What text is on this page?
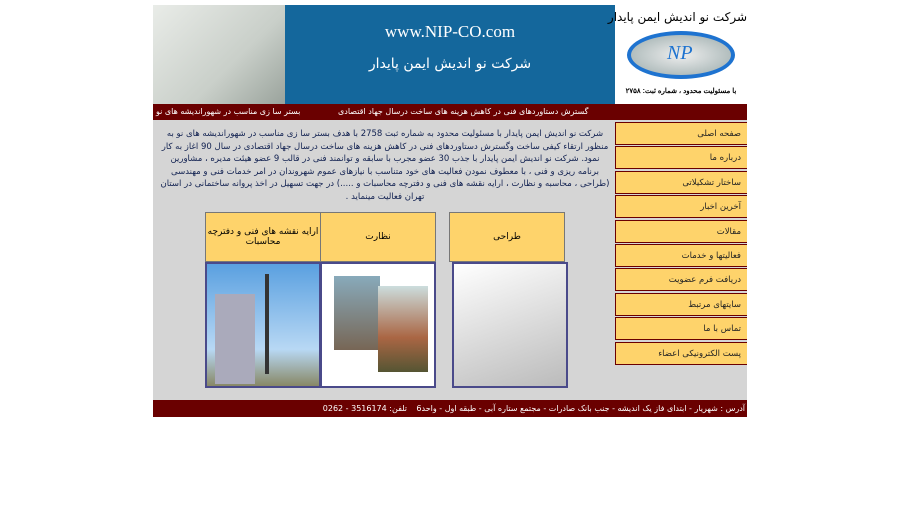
www.NIP-CO.com
شرکت نو اندیش ایمن پایدار
شرکت نو اندیش ایمن پایدار
NP
با مسئولیت محدود ، شماره ثبت: ۲۷۵۸
بستر سا زی مناسب در شهوراندیشه های نو	گسترش دستاوردهای فنی در کاهش هزینه های ساخت درسال جهاد اقتصادی
شرکت نو اندیش ایمن پایدار با مسئولیت محدود به شماره ثبت 2758 با هدف بستر سا زی مناسب در شهوراندیشه های نو به منظور ارتقاء کیفی ساخت وگسترش دستاوردهای فنی در کاهش هزینه های ساخت درسال جهاد اقتصادی در سال 90 اغاز به کار نمود. شرکت نو اندیش ایمن پایدار با جذب 30 عضو مجرب با سابقه و توانمند فنی در قالب 9 عضو هیئت مدیره ، مشاورین برنامه ریزی و فنی ، با معطوف نمودن فعالیت های خود متناسب با نیازهای عموم شهروندان در امر خدمات فنی و مهندسی (طراحی ، محاسبه و نظارت ، ارایه نقشه های فنی و دفترچه محاسبات و .....) در جهت تسهیل در اخذ پروانه ساختمانی در استان تهران فعالیت مینماید .
صفحه اصلی
درباره ما
ساختار تشکیلاتی
آخرین اخبار
مقالات
فعالیتها و خدمات
دریافت فرم عضویت
سایتهای مرتبط
تماس با ما
پست الکترونیکی اعضاء
طراحی
نظارت
ارایه نقشه های فنی و دفترچه محاسبات
آدرس : شهریار - ابتدای فاز یک اندیشه - جنب بانک صادرات - مجتمع ستاره آبی - طبقه اول - واحد6
تلفن: 3516174 - 0262
